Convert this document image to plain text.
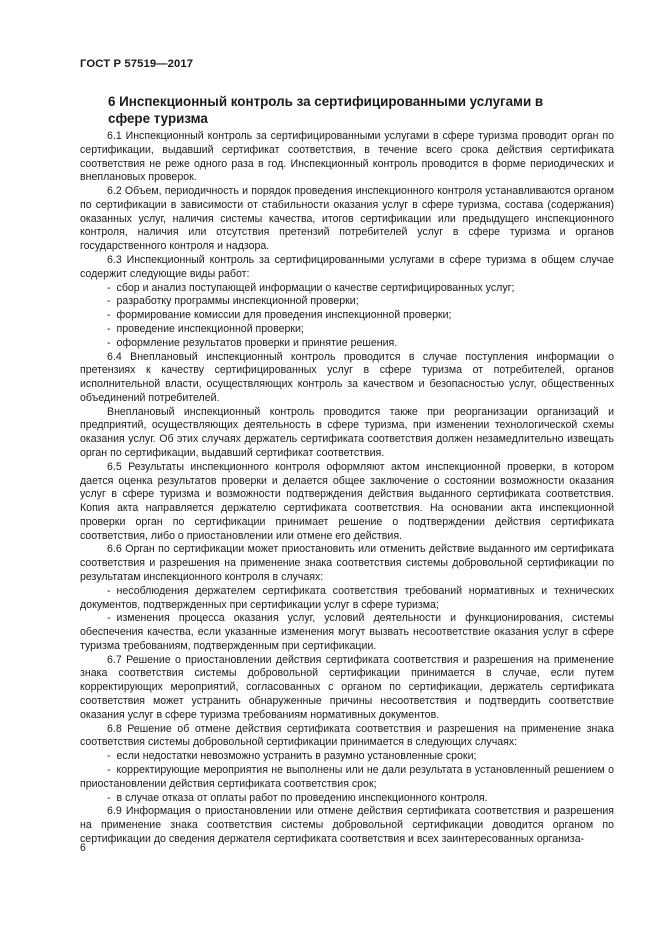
ГОСТ Р 57519—2017
6 Инспекционный контроль за сертифицированными услугами в сфере туризма

6.1 Инспекционный контроль за сертифицированными услугами в сфере туризма проводит орган по сертификации, выдавший сертификат соответствия, в течение всего срока действия сертификата соответствия не реже одного раза в год. Инспекционный контроль проводится в форме периодических и внеплановых проверок.

6.2 Объем, периодичность и порядок проведения инспекционного контроля устанавливаются органом по сертификации в зависимости от стабильности оказания услуг в сфере туризма, состава (содержания) оказанных услуг, наличия системы качества, итогов сертификации или предыдущего инспекционного контроля, наличия или отсутствия претензий потребителей услуг в сфере туризма и органов государственного контроля и надзора.

6.3 Инспекционный контроль за сертифицированными услугами в сфере туризма в общем случае содержит следующие виды работ:

- сбор и анализ поступающей информации о качестве сертифицированных услуг;

- разработку программы инспекционной проверки;

- формирование комиссии для проведения инспекционной проверки;

- проведение инспекционной проверки;

- оформление результатов проверки и принятие решения.

6.4 Внеплановый инспекционный контроль проводится в случае поступления информации о претензиях к качеству сертифицированных услуг в сфере туризма от потребителей, органов исполнительной власти, осуществляющих контроль за качеством и безопасностью услуг, общественных объединений потребителей.

Внеплановый инспекционный контроль проводится также при реорганизации организаций и предприятий, осуществляющих деятельность в сфере туризма, при изменении технологической схемы оказания услуг. Об этих случаях держатель сертификата соответствия должен незамедлительно извещать орган по сертификации, выдавший сертификат соответствия.

6.5 Результаты инспекционного контроля оформляют актом инспекционной проверки, в котором дается оценка результатов проверки и делается общее заключение о состоянии возможности оказания услуг в сфере туризма и возможности подтверждения действия выданного сертификата соответствия. Копия акта направляется держателю сертификата соответствия. На основании акта инспекционной проверки орган по сертификации принимает решение о подтверждении действия сертификата соответствия, либо о приостановлении или отмене его действия.

6.6 Орган по сертификации может приостановить или отменить действие выданного им сертификата соответствия и разрешения на применение знака соответствия системы добровольной сертификации по результатам инспекционного контроля в случаях:

- несоблюдения держателем сертификата соответствия требований нормативных и технических документов, подтвержденных при сертификации услуг в сфере туризма;

- изменения процесса оказания услуг, условий деятельности и функционирования, системы обеспечения качества, если указанные изменения могут вызвать несоответствие оказания услуг в сфере туризма требованиям, подтвержденным при сертификации.

6.7 Решение о приостановлении действия сертификата соответствия и разрешения на применение знака соответствия системы добровольной сертификации принимается в случае, если путем корректирующих мероприятий, согласованных с органом по сертификации, держатель сертификата соответствия может устранить обнаруженные причины несоответствия и подтвердить соответствие оказания услуг в сфере туризма требованиям нормативных документов.

6.8 Решение об отмене действия сертификата соответствия и разрешения на применение знака соответствия системы добровольной сертификации принимается в следующих случаях:

- если недостатки невозможно устранить в разумно установленные сроки;

- корректирующие мероприятия не выполнены или не дали результата в установленный решением о приостановлении действия сертификата соответствия срок;

- в случае отказа от оплаты работ по проведению инспекционного контроля.

6.9 Информация о приостановлении или отмене действия сертификата соответствия и разрешения на применение знака соответствия системы добровольной сертификации доводится органом по сертификации до сведения держателя сертификата соответствия и всех заинтересованных организа-

6
